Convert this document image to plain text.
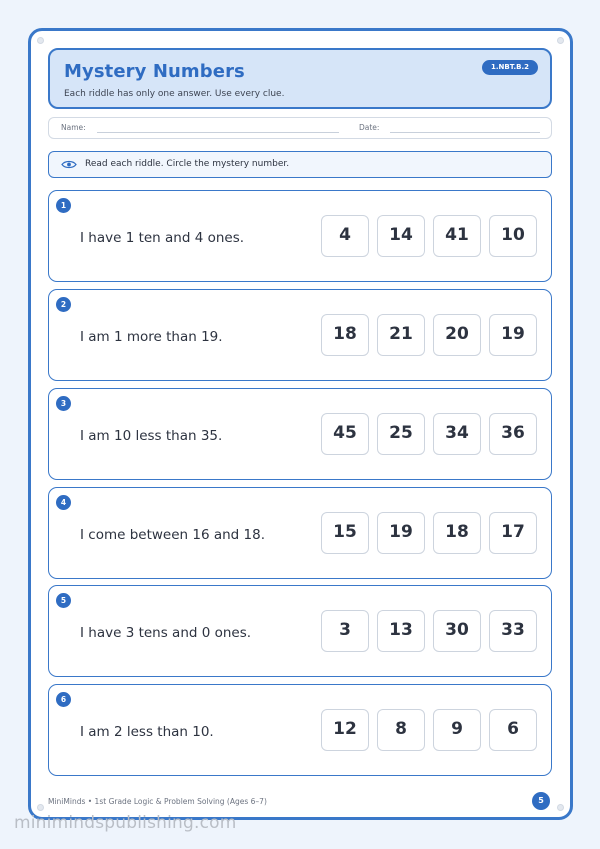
Mystery Numbers
Each riddle has only one answer. Use every clue.
1.NBT.B.2
Name:	Date:
Read each riddle. Circle the mystery number.
1
I have 1 ten and 4 ones.	4	14	41	10
2
I am 1 more than 19.	18	21	20	19
3
I am 10 less than 35.	45	25	34	36
4
I come between 16 and 18.	15	19	18	17
5
I have 3 tens and 0 ones.	3	13	30	33
6
I am 2 less than 10.	12	8	9	6
MiniMinds • 1st Grade Logic & Problem Solving (Ages 6–7)	5
minimindspublishing.com
